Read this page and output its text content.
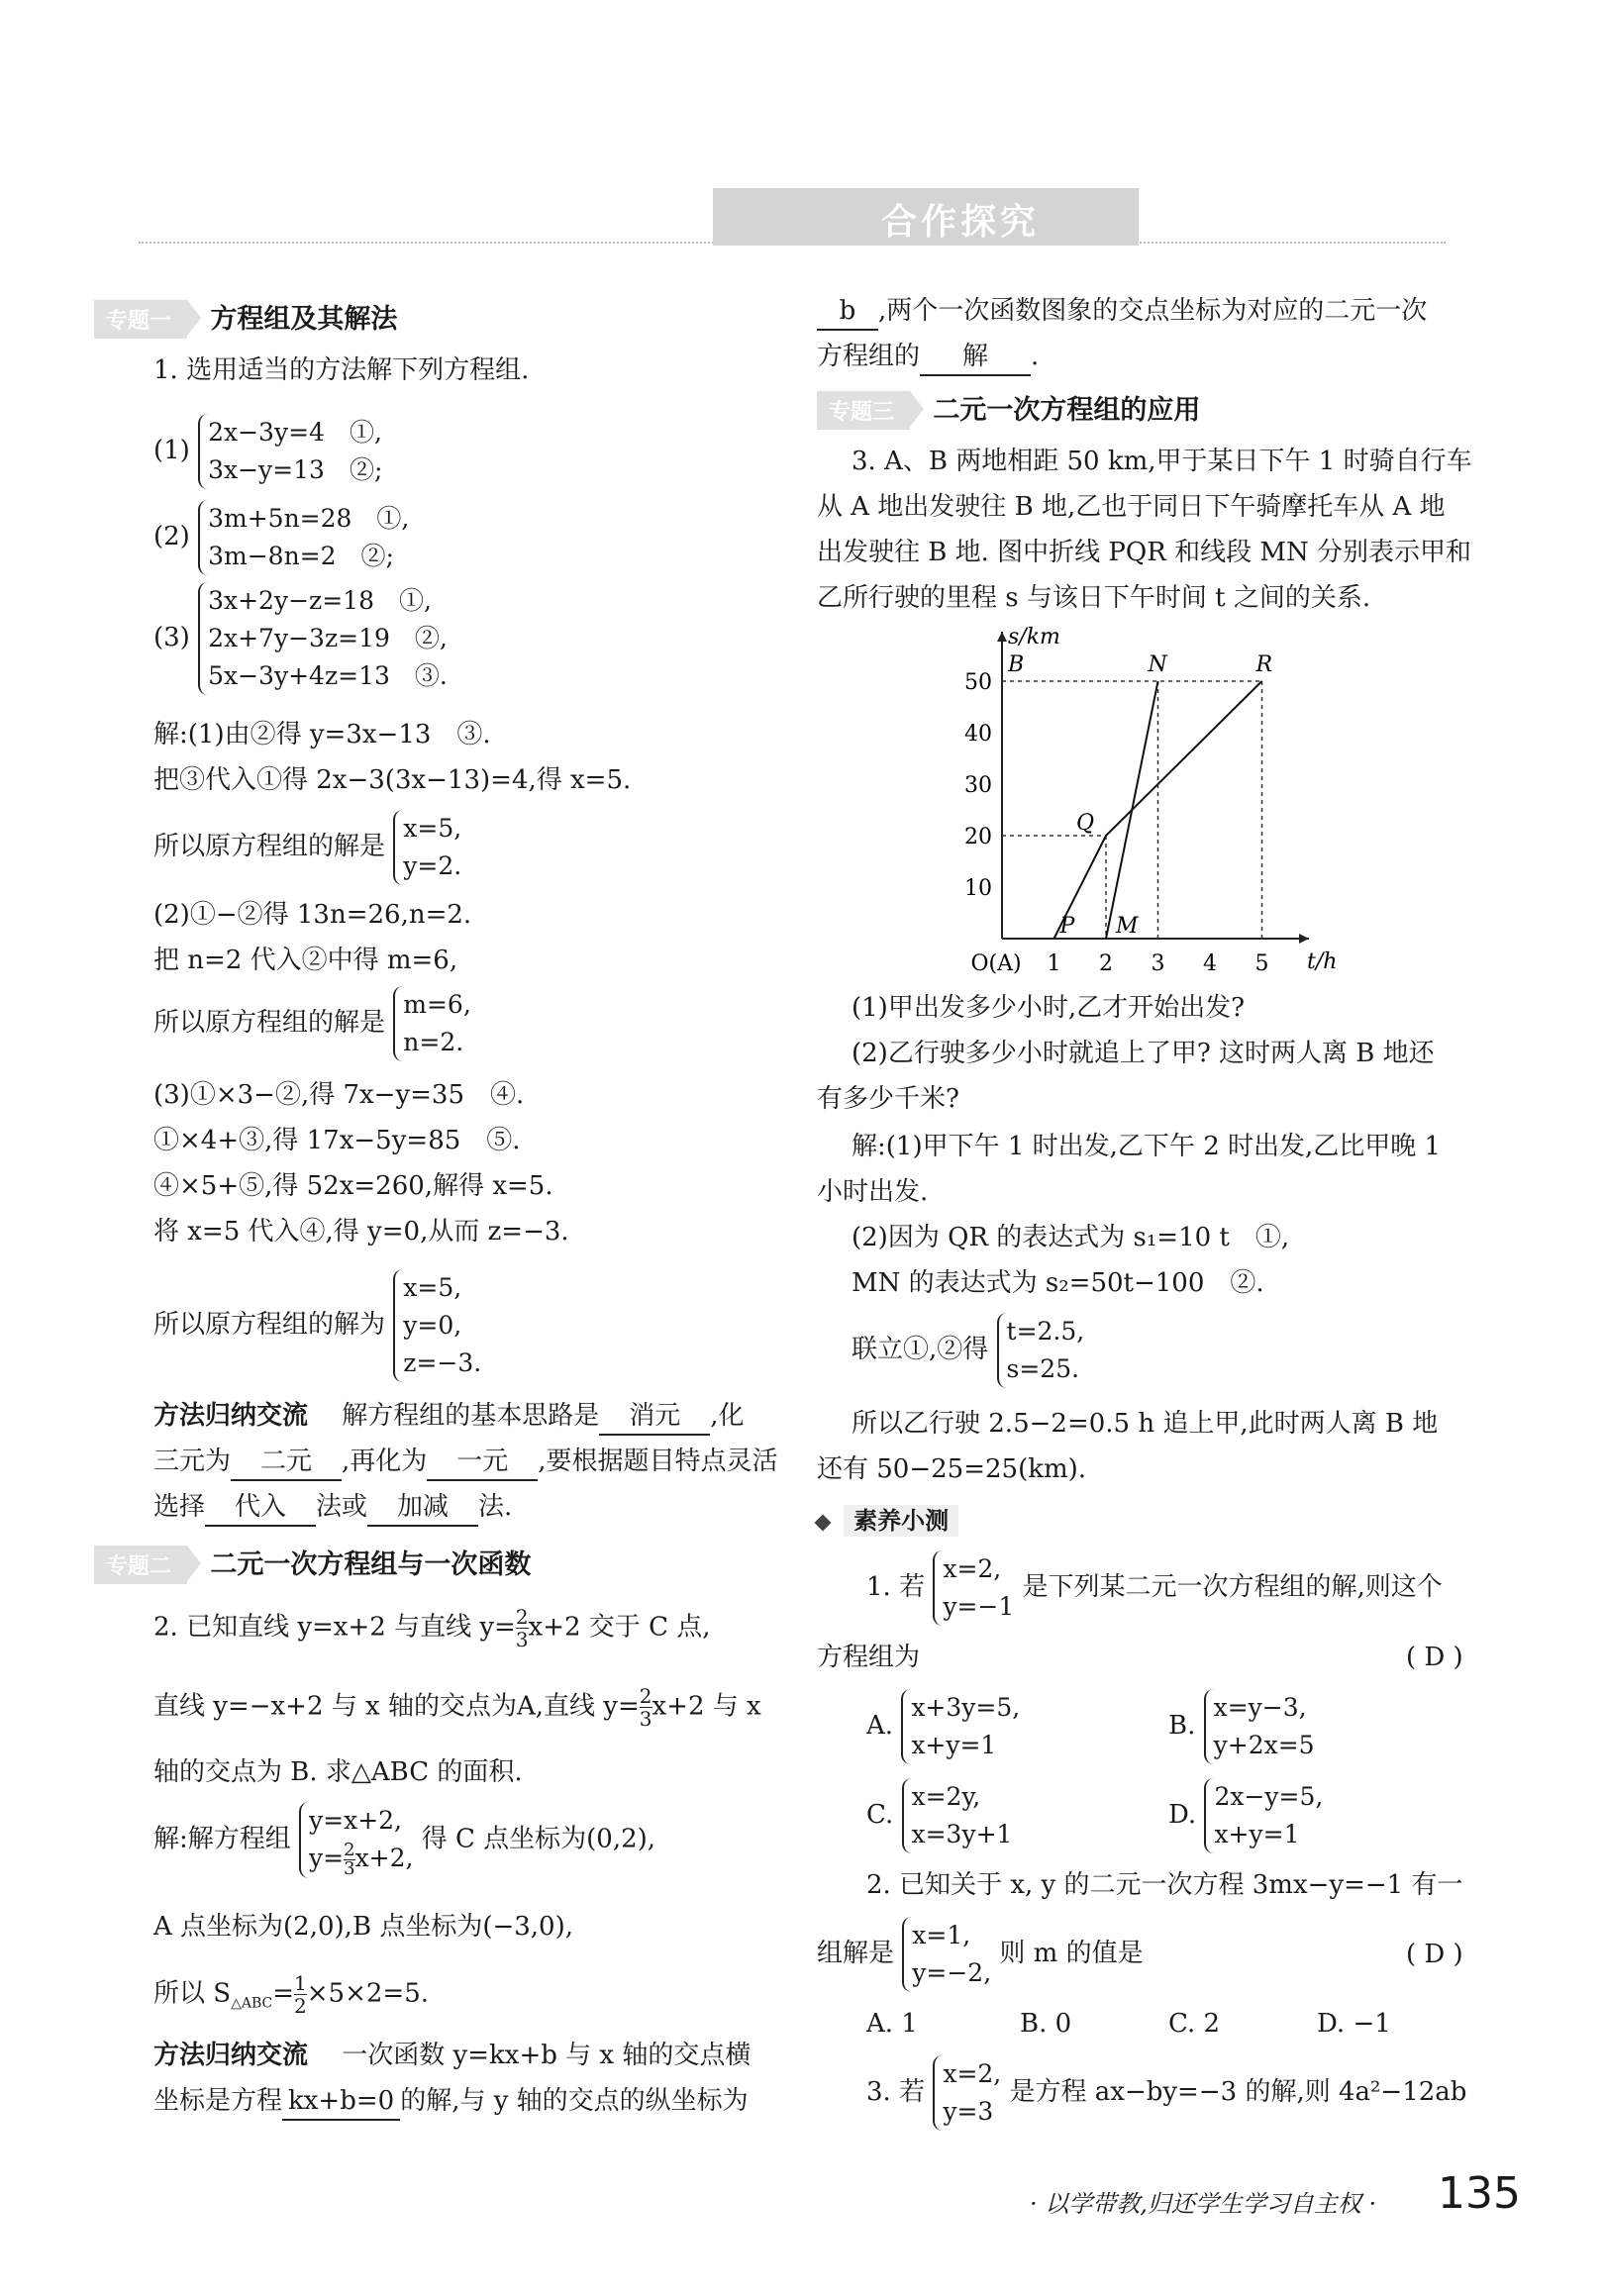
合作探究
专题一 方程组及其解法
1. 选用适当的方法解下列方程组.
(1)
2x−3y=4　①,
3x−y=13　②;
(2)
3m+5n=28　①,
3m−8n=2　②;
(3)
3x+2y−z=18　①,
2x+7y−3z=19　②,
5x−3y+4z=13　③.
解:(1)由②得 y=3x−13　③.
把③代入①得 2x−3(3x−13)=4,得 x=5.
所以原方程组的解是
x=5,
y=2.
(2)①−②得 13n=26,n=2.
把 n=2 代入②中得 m=6,
所以原方程组的解是
m=6,
n=2.
(3)①×3−②,得 7x−y=35　④.
①×4+③,得 17x−5y=85　⑤.
④×5+⑤,得 52x=260,解得 x=5.
将 x=5 代入④,得 y=0,从而 z=−3.
所以原方程组的解为
x=5,
y=0,
z=−3.
方法归纳交流　 解方程组的基本思路是 消元 ,化
三元为 二元 ,再化为 一元 ,要根据题目特点灵活
选择 代入 法或 加减 法.
专题二 二元一次方程组与一次函数
2. 已知直线 y=x+2 与直线 $y= \frac{2}{3} x+2$ 交于 C 点,
直线 y=−x+2 与 x 轴的交点为A,直线 $y= \frac{2}{3} x+2$ 与 x
轴的交点为 B. 求△ABC 的面积.
解:解方程组
y=x+2,
$y= \frac{2}{3} x+2$,
得 C 点坐标为(0,2),
A 点坐标为(2,0),B 点坐标为(−3,0),
所以 $S_{\triangle ABC}= \frac{1}{2} \times 5\times 2=5$.
方法归纳交流　 一次函数 y=kx+b 与 x 轴的交点横
坐标是方程 kx+b=0 的解,与 y 轴的交点的纵坐标为
b ,两个一次函数图象的交点坐标为对应的二元一次
方程组的 解 .
专题三 二元一次方程组的应用
3. A、B 两地相距 50 km,甲于某日下午 1 时骑自行车
从 A 地出发驶往 B 地,乙也于同日下午骑摩托车从 A 地
出发驶往 B 地. 图中折线 PQR 和线段 MN 分别表示甲和
乙所行驶的里程 s 与该日下午时间 t 之间的关系.
s/km
t/h
10
20
30
40
50
O(A) 1 2 3 4 5
P
Q
R
M
N
B
(1)甲出发多少小时,乙才开始出发?
(2)乙行驶多少小时就追上了甲? 这时两人离 B 地还
有多少千米?
解:(1)甲下午 1 时出发,乙下午 2 时出发,乙比甲晚 1
小时出发.
(2)因为 QR 的表达式为 s₁=10 t　①,
MN 的表达式为 s₂=50t−100　②.
联立①,②得
t=2.5,
s=25.
所以乙行驶 2.5−2=0.5 h 追上甲,此时两人离 B 地
还有 50−25=25(km).
素养小测
1. 若
x=2,
y=−1
是下列某二元一次方程组的解,则这个
方程组为	( D )
A.
x+3y=5,
x+y=1
B.
x=y−3,
y+2x=5
C.
x=2y,
x=3y+1
D.
2x−y=5,
x+y=1
2. 已知关于 x, y 的二元一次方程 3mx−y=−1 有一
组解是
x=1,
y=−2,
则 m 的值是	( D )
A. 1	B. 0	C. 2	D. −1
3. 若
x=2,
y=3
是方程 ax−by=−3 的解,则 4a²−12ab
· 以学带教,归还学生学习自主权 · 135
